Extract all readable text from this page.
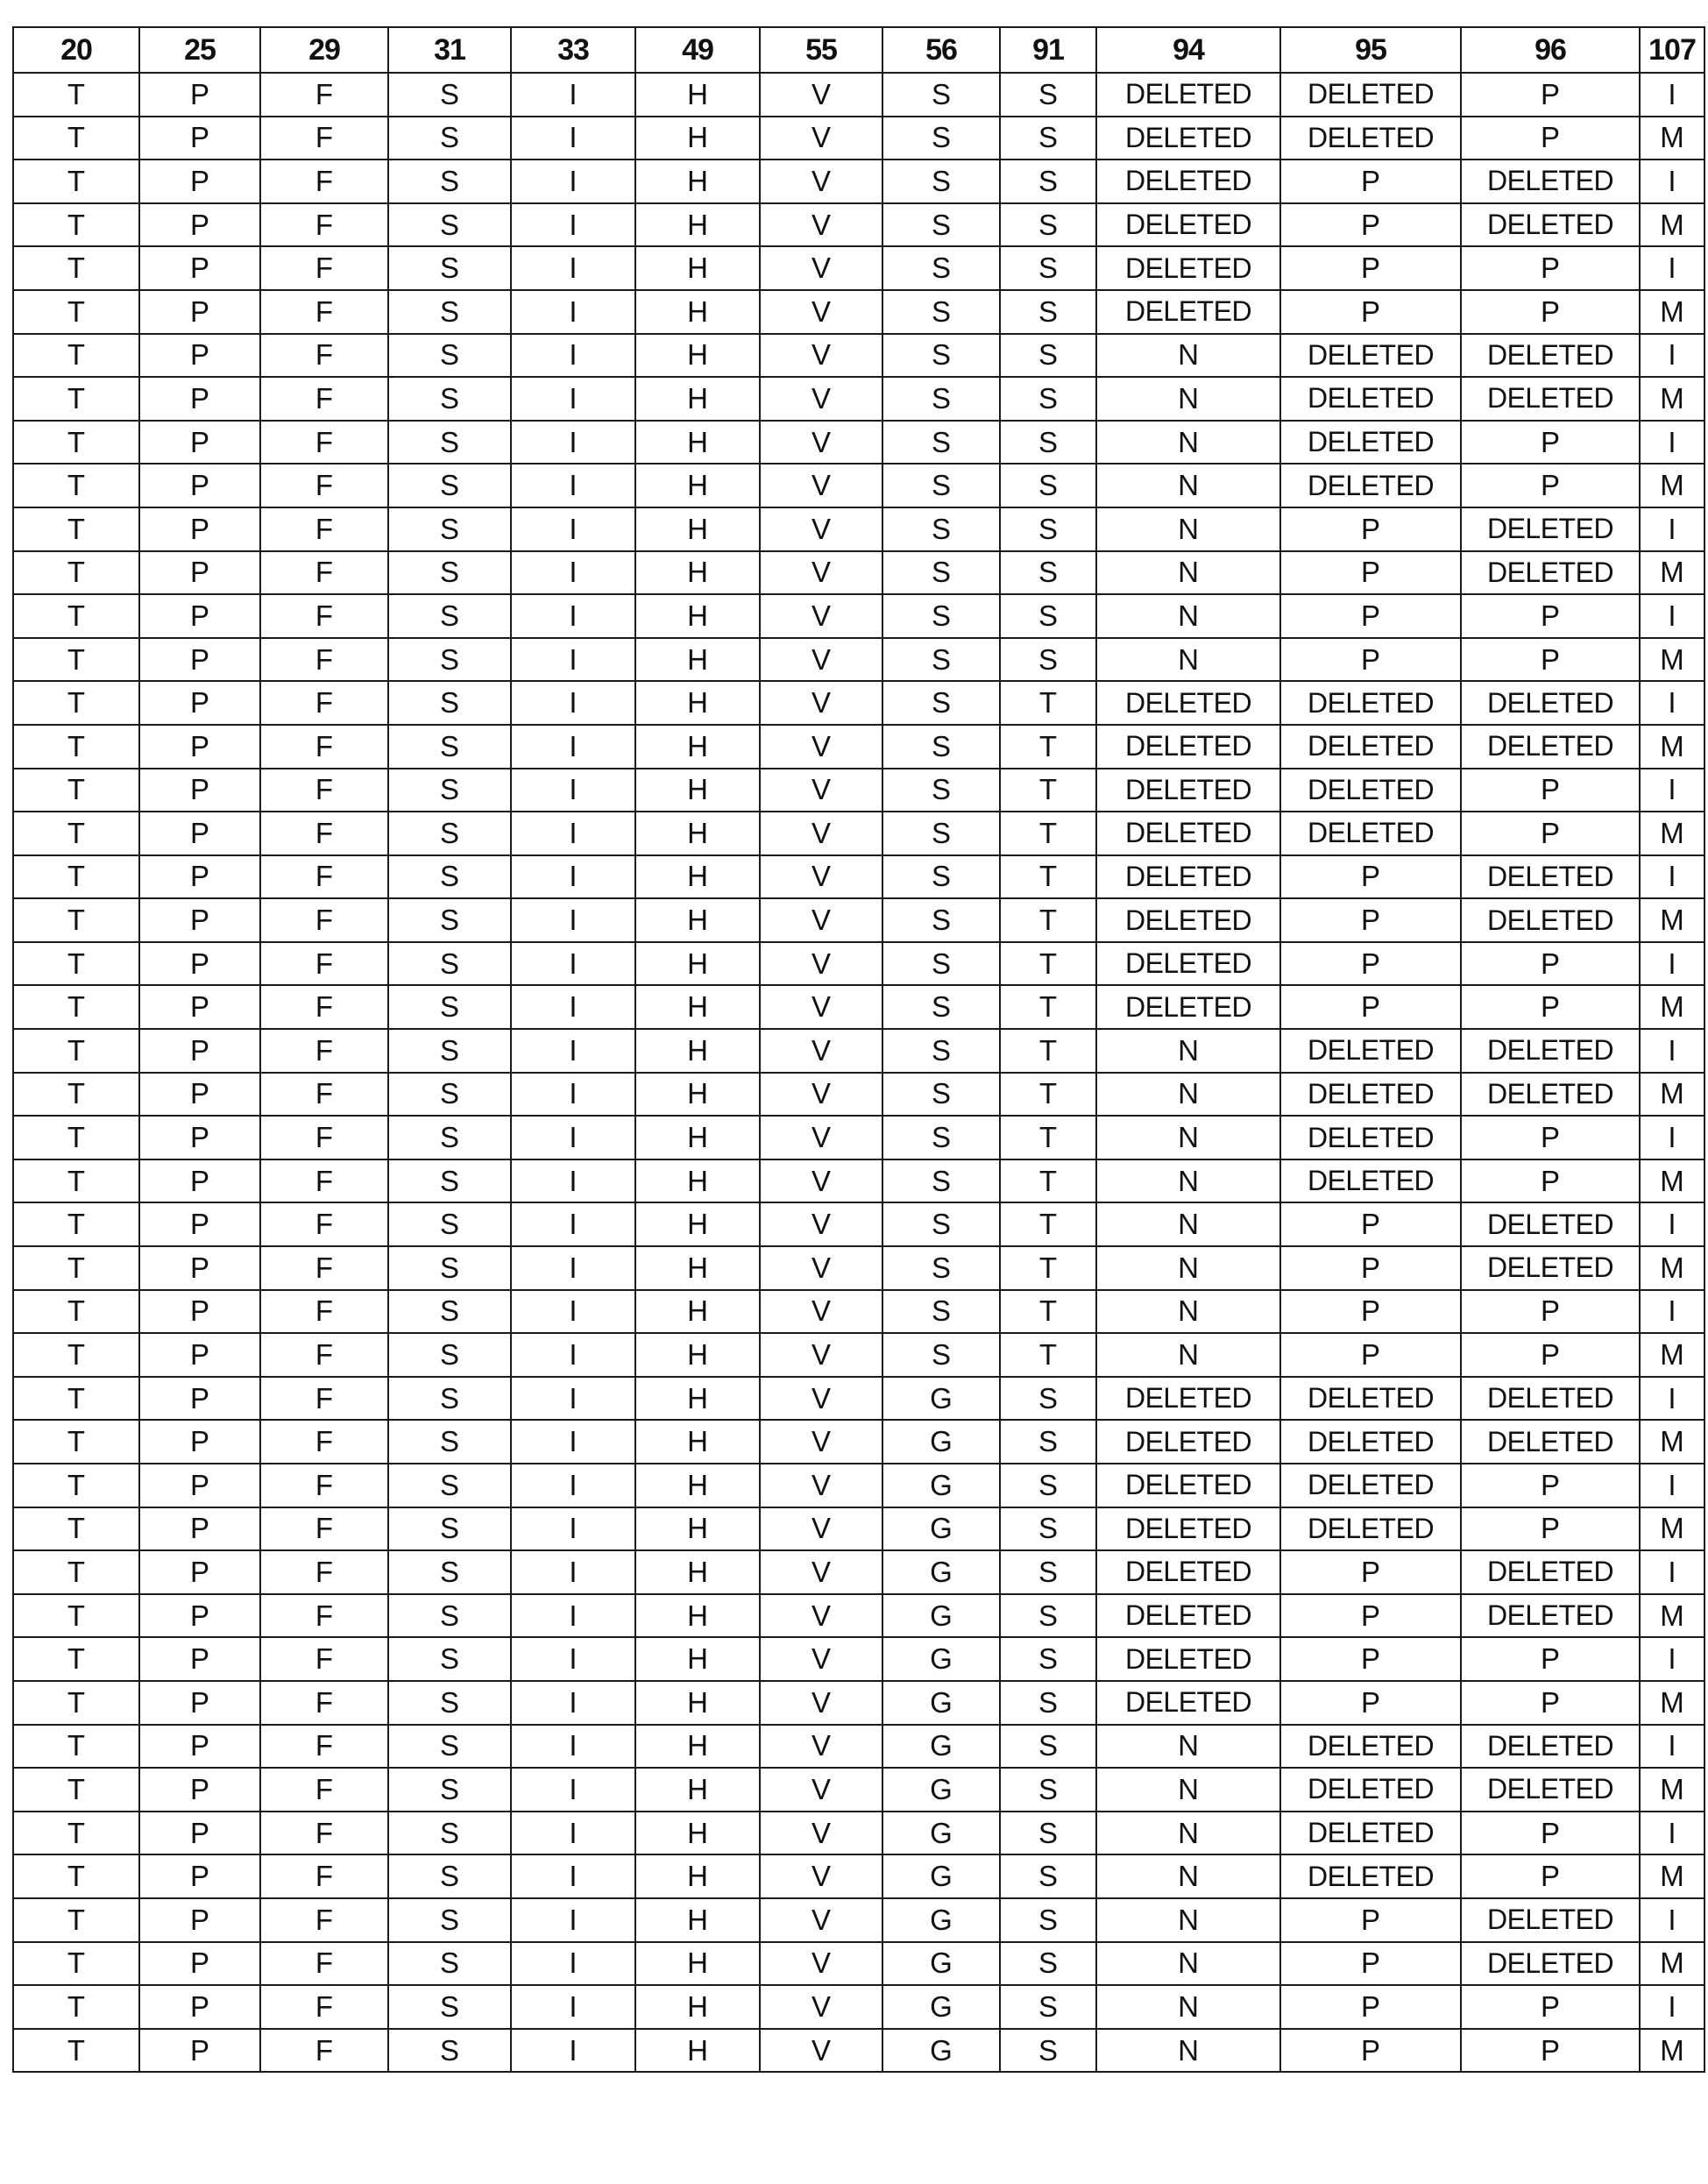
20	25	29	31	33	49	55	56	91	94	95	96	107
T	P	F	S	I	H	V	S	S	DELETED	DELETED	P	I
T	P	F	S	I	H	V	S	S	DELETED	DELETED	P	M
T	P	F	S	I	H	V	S	S	DELETED	P	DELETED	I
T	P	F	S	I	H	V	S	S	DELETED	P	DELETED	M
T	P	F	S	I	H	V	S	S	DELETED	P	P	I
T	P	F	S	I	H	V	S	S	DELETED	P	P	M
T	P	F	S	I	H	V	S	S	N	DELETED	DELETED	I
T	P	F	S	I	H	V	S	S	N	DELETED	DELETED	M
T	P	F	S	I	H	V	S	S	N	DELETED	P	I
T	P	F	S	I	H	V	S	S	N	DELETED	P	M
T	P	F	S	I	H	V	S	S	N	P	DELETED	I
T	P	F	S	I	H	V	S	S	N	P	DELETED	M
T	P	F	S	I	H	V	S	S	N	P	P	I
T	P	F	S	I	H	V	S	S	N	P	P	M
T	P	F	S	I	H	V	S	T	DELETED	DELETED	DELETED	I
T	P	F	S	I	H	V	S	T	DELETED	DELETED	DELETED	M
T	P	F	S	I	H	V	S	T	DELETED	DELETED	P	I
T	P	F	S	I	H	V	S	T	DELETED	DELETED	P	M
T	P	F	S	I	H	V	S	T	DELETED	P	DELETED	I
T	P	F	S	I	H	V	S	T	DELETED	P	DELETED	M
T	P	F	S	I	H	V	S	T	DELETED	P	P	I
T	P	F	S	I	H	V	S	T	DELETED	P	P	M
T	P	F	S	I	H	V	S	T	N	DELETED	DELETED	I
T	P	F	S	I	H	V	S	T	N	DELETED	DELETED	M
T	P	F	S	I	H	V	S	T	N	DELETED	P	I
T	P	F	S	I	H	V	S	T	N	DELETED	P	M
T	P	F	S	I	H	V	S	T	N	P	DELETED	I
T	P	F	S	I	H	V	S	T	N	P	DELETED	M
T	P	F	S	I	H	V	S	T	N	P	P	I
T	P	F	S	I	H	V	S	T	N	P	P	M
T	P	F	S	I	H	V	G	S	DELETED	DELETED	DELETED	I
T	P	F	S	I	H	V	G	S	DELETED	DELETED	DELETED	M
T	P	F	S	I	H	V	G	S	DELETED	DELETED	P	I
T	P	F	S	I	H	V	G	S	DELETED	DELETED	P	M
T	P	F	S	I	H	V	G	S	DELETED	P	DELETED	I
T	P	F	S	I	H	V	G	S	DELETED	P	DELETED	M
T	P	F	S	I	H	V	G	S	DELETED	P	P	I
T	P	F	S	I	H	V	G	S	DELETED	P	P	M
T	P	F	S	I	H	V	G	S	N	DELETED	DELETED	I
T	P	F	S	I	H	V	G	S	N	DELETED	DELETED	M
T	P	F	S	I	H	V	G	S	N	DELETED	P	I
T	P	F	S	I	H	V	G	S	N	DELETED	P	M
T	P	F	S	I	H	V	G	S	N	P	DELETED	I
T	P	F	S	I	H	V	G	S	N	P	DELETED	M
T	P	F	S	I	H	V	G	S	N	P	P	I
T	P	F	S	I	H	V	G	S	N	P	P	M
